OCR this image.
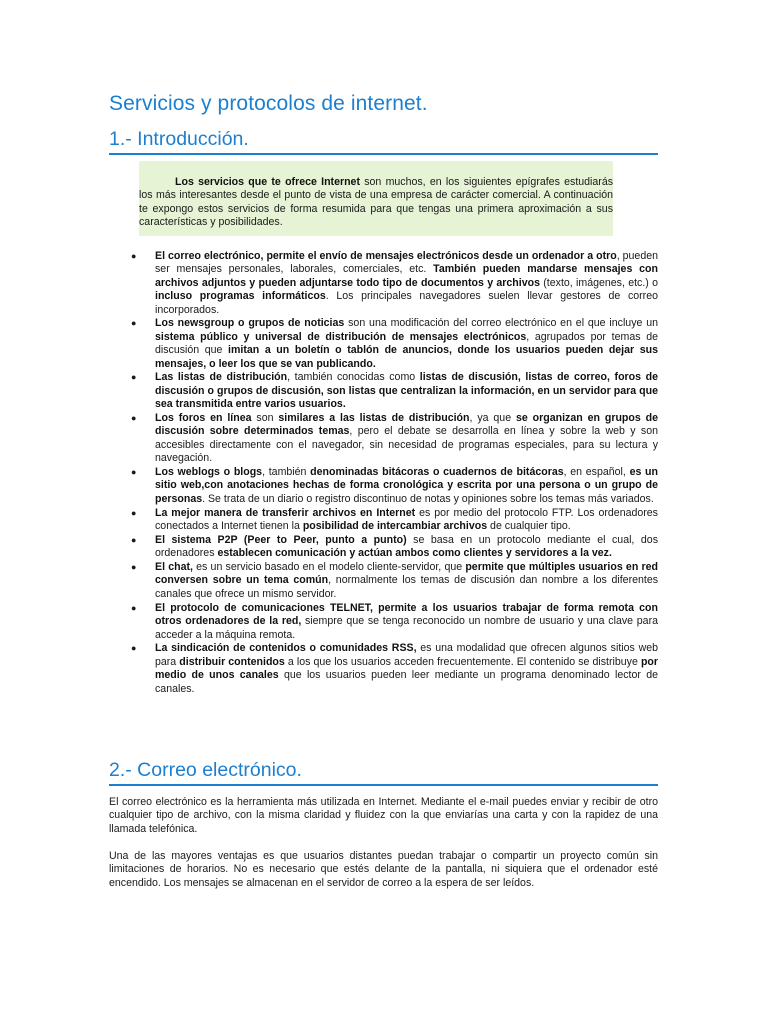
Servicios y protocolos de internet.
1.- Introducción.

Los servicios que te ofrece Internet son muchos, en los siguientes epígrafes estudiarás los más interesantes desde el punto de vista de una empresa de carácter comercial. A continuación te expongo estos servicios de forma resumida para que tengas una primera aproximación a sus características y posibilidades.

● El correo electrónico, permite el envío de mensajes electrónicos desde un ordenador a otro, pueden ser mensajes personales, laborales, comerciales, etc. También pueden mandarse mensajes con archivos adjuntos y pueden adjuntarse todo tipo de documentos y archivos (texto, imágenes, etc.) o incluso programas informáticos. Los principales navegadores suelen llevar gestores de correo incorporados.
● Los newsgroup o grupos de noticias son una modificación del correo electrónico en el que incluye un sistema público y universal de distribución de mensajes electrónicos, agrupados por temas de discusión que imitan a un boletín o tablón de anuncios, donde los usuarios pueden dejar sus mensajes, o leer los que se van publicando.
● Las listas de distribución, también conocidas como listas de discusión, listas de correo, foros de discusión o grupos de discusión, son listas que centralizan la información, en un servidor para que sea transmitida entre varios usuarios.
● Los foros en línea son similares a las listas de distribución, ya que se organizan en grupos de discusión sobre determinados temas, pero el debate se desarrolla en línea y sobre la web y son accesibles directamente con el navegador, sin necesidad de programas especiales, para su lectura y navegación.
● Los weblogs o blogs, también denominadas bitácoras o cuadernos de bitácoras, en español, es un sitio web,con anotaciones hechas de forma cronológica y escrita por una persona o un grupo de personas. Se trata de un diario o registro discontinuo de notas y opiniones sobre los temas más variados.
● La mejor manera de transferir archivos en Internet es por medio del protocolo FTP. Los ordenadores conectados a Internet tienen la posibilidad de intercambiar archivos de cualquier tipo.
● El sistema P2P (Peer to Peer, punto a punto) se basa en un protocolo mediante el cual, dos ordenadores establecen comunicación y actúan ambos como clientes y servidores a la vez.
● El chat, es un servicio basado en el modelo cliente-servidor, que permite que múltiples usuarios en red conversen sobre un tema común, normalmente los temas de discusión dan nombre a los diferentes canales que ofrece un mismo servidor.
● El protocolo de comunicaciones TELNET, permite a los usuarios trabajar de forma remota con otros ordenadores de la red, siempre que se tenga reconocido un nombre de usuario y una clave para acceder a la máquina remota.
● La sindicación de contenidos o comunidades RSS, es una modalidad que ofrecen algunos sitios web para distribuir contenidos a los que los usuarios acceden frecuentemente. El contenido se distribuye por medio de unos canales que los usuarios pueden leer mediante un programa denominado lector de canales.
2.- Correo electrónico.

El correo electrónico es la herramienta más utilizada en Internet. Mediante el e-mail puedes enviar y recibir de otro cualquier tipo de archivo, con la misma claridad y fluidez con la que enviarías una carta y con la rapidez de una llamada telefónica.

Una de las mayores ventajas es que usuarios distantes puedan trabajar o compartir un proyecto común sin limitaciones de horarios. No es necesario que estés delante de la pantalla, ni siquiera que el ordenador esté encendido. Los mensajes se almacenan en el servidor de correo a la espera de ser leídos.
